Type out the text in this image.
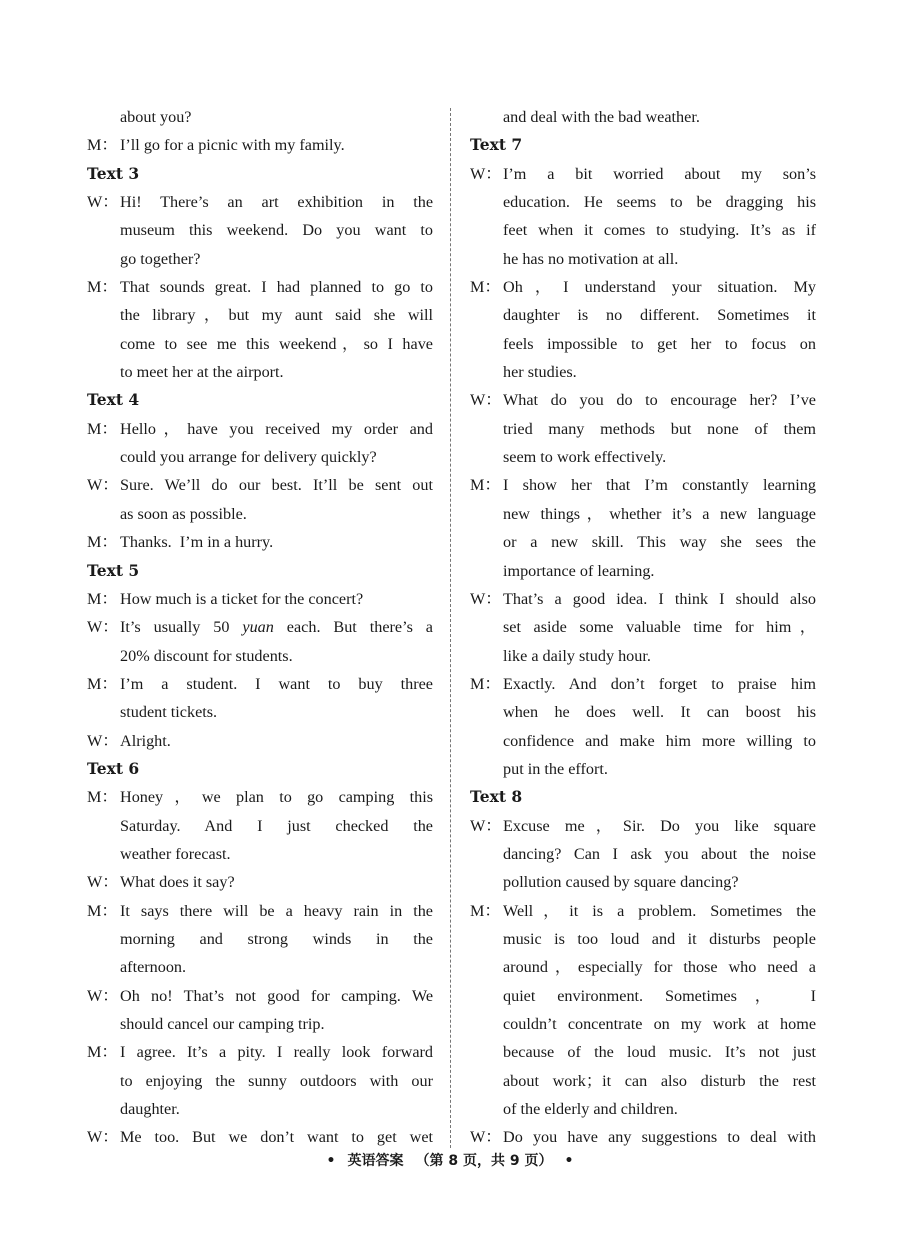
about you?
M： I’ll go for a picnic with my family.
Text 3
W： Hi! There’s an art exhibition in the
museum this weekend. Do you want to
go together?
M： That sounds great. I had planned to go to
the library，but my aunt said she will
come to see me this weekend，so I have
to meet her at the airport.
Text 4
M： Hello，have you received my order and
could you arrange for delivery quickly?
W： Sure. We’ll do our best. It’ll be sent out
as soon as possible.
M： Thanks.  I’m in a hurry.
Text 5
M： How much is a ticket for the concert?
W： It’s usually 50 yuan each. But there’s a
20% discount for students.
M： I’m a student. I want to buy three
student tickets.
W： Alright.
Text 6
M： Honey，we plan to go camping this
Saturday. And I just checked the
weather forecast.
W： What does it say?
M： It says there will be a heavy rain in the
morning and strong winds in the
afternoon.
W： Oh no! That’s not good for camping. We
should cancel our camping trip.
M： I agree. It’s a pity. I really look forward
to enjoying the sunny outdoors with our
daughter.
W： Me too. But we don’t want to get wet
and deal with the bad weather.
Text 7
W： I’m a bit worried about my son’s
education. He seems to be dragging his
feet when it comes to studying. It’s as if
he has no motivation at all.
M： Oh，I understand your situation. My
daughter is no different. Sometimes it
feels impossible to get her to focus on
her studies.
W： What do you do to encourage her? I’ve
tried many methods but none of them
seem to work effectively.
M： I show her that I’m constantly learning
new things，whether it’s a new language
or a new skill. This way she sees the
importance of learning.
W： That’s a good idea. I think I should also
set aside some valuable time for him，
like a daily study hour.
M： Exactly. And don’t forget to praise him
when he does well. It can boost his
confidence and make him more willing to
put in the effort.
Text 8
W： Excuse me，Sir. Do you like square
dancing? Can I ask you about the noise
pollution caused by square dancing?
M： Well，it is a problem. Sometimes the
music is too loud and it disturbs people
around，especially for those who need a
quiet environment. Sometimes， I
couldn’t concentrate on my work at home
because of the loud music. It’s not just
about work；it can also disturb the rest
of the elderly and children.
W： Do you have any suggestions to deal with
• 英语答案 （第 8 页，共 9 页） •
